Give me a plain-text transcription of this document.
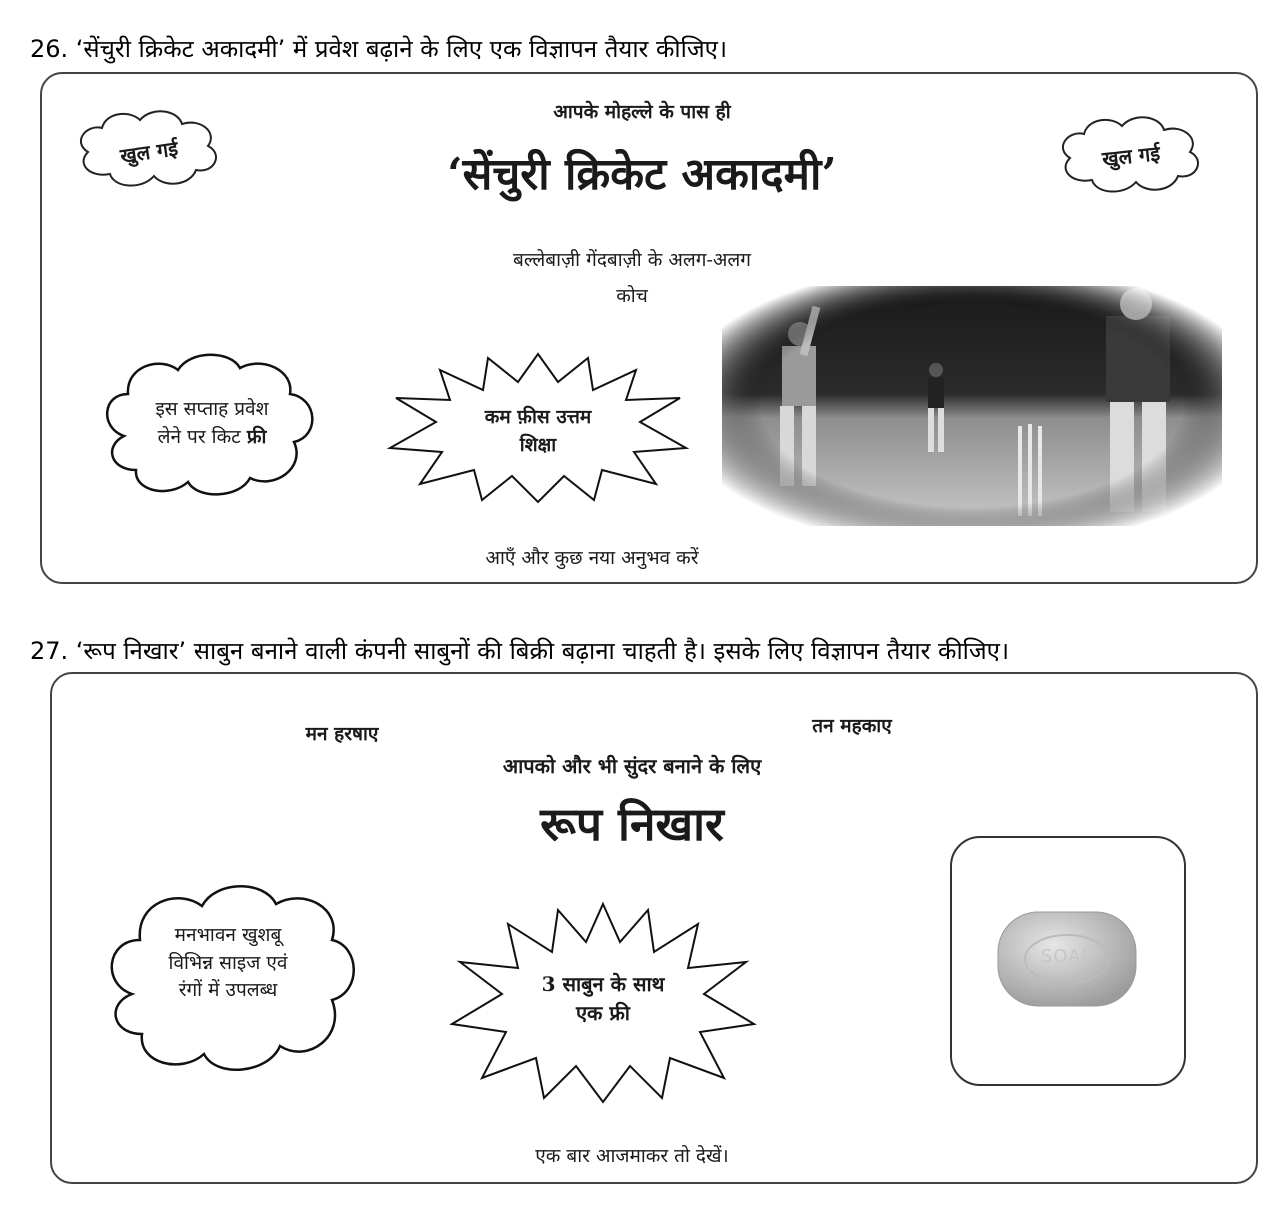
26. ‘सेंचुरी क्रिकेट अकादमी’ में प्रवेश बढ़ाने के लिए एक विज्ञापन तैयार कीजिए।
खुल गई	खुल गई
आपके मोहल्ले के पास ही
‘सेंचुरी क्रिकेट अकादमी’
बल्लेबाज़ी गेंदबाज़ी के अलग-अलग
कोच
इस सप्ताह प्रवेश
लेने पर किट फ्री
कम फ़ीस उत्तम
शिक्षा
आएँ और कुछ नया अनुभव करें
27. ‘रूप निखार’ साबुन बनाने वाली कंपनी साबुनों की बिक्री बढ़ाना चाहती है। इसके लिए विज्ञापन तैयार कीजिए।
मन हरषाए	तन महकाए
आपको और भी सुंदर बनाने के लिए
रूप निखार
मनभावन खुशबू
विभिन्न साइज एवं
रंगों में उपलब्ध	3 साबुन के साथ
एक फ्री
SOAP
एक बार आजमाकर तो देखें।
